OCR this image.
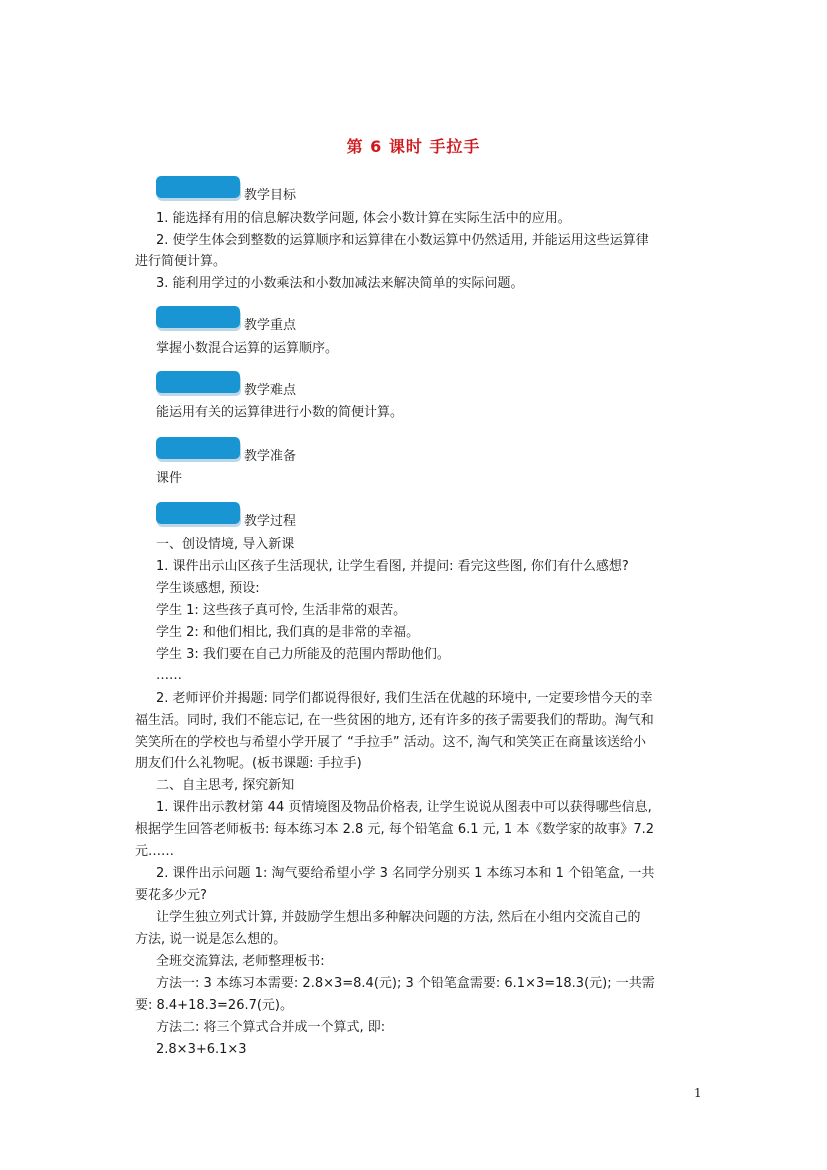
第 6 课时 手拉手
教学目标
1. 能选择有用的信息解决数学问题, 体会小数计算在实际生活中的应用。
2. 使学生体会到整数的运算顺序和运算律在小数运算中仍然适用, 并能运用这些运算律
进行简便计算。
3. 能利用学过的小数乘法和小数加减法来解决简单的实际问题。
教学重点
掌握小数混合运算的运算顺序。
教学难点
能运用有关的运算律进行小数的简便计算。
教学准备
课件
教学过程
一、创设情境, 导入新课
1. 课件出示山区孩子生活现状, 让学生看图, 并提问: 看完这些图, 你们有什么感想?
学生谈感想, 预设:
学生 1: 这些孩子真可怜, 生活非常的艰苦。
学生 2: 和他们相比, 我们真的是非常的幸福。
学生 3: 我们要在自己力所能及的范围内帮助他们。
……
2. 老师评价并揭题: 同学们都说得很好, 我们生活在优越的环境中, 一定要珍惜今天的幸
福生活。同时, 我们不能忘记, 在一些贫困的地方, 还有许多的孩子需要我们的帮助。淘气和
笑笑所在的学校也与希望小学开展了 “手拉手” 活动。这不, 淘气和笑笑正在商量该送给小
朋友们什么礼物呢。(板书课题: 手拉手)
二、自主思考, 探究新知
1. 课件出示教材第 44 页情境图及物品价格表, 让学生说说从图表中可以获得哪些信息,
根据学生回答老师板书: 每本练习本 2.8 元, 每个铅笔盒 6.1 元, 1 本《数学家的故事》7.2
元……
2. 课件出示问题 1: 淘气要给希望小学 3 名同学分别买 1 本练习本和 1 个铅笔盒, 一共
要花多少元?
让学生独立列式计算, 并鼓励学生想出多种解决问题的方法, 然后在小组内交流自己的
方法, 说一说是怎么想的。
全班交流算法, 老师整理板书:
方法一: 3 本练习本需要: 2.8×3=8.4(元); 3 个铅笔盒需要: 6.1×3=18.3(元); 一共需
要: 8.4+18.3=26.7(元)。
方法二: 将三个算式合并成一个算式, 即:
2.8×3+6.1×3
1
